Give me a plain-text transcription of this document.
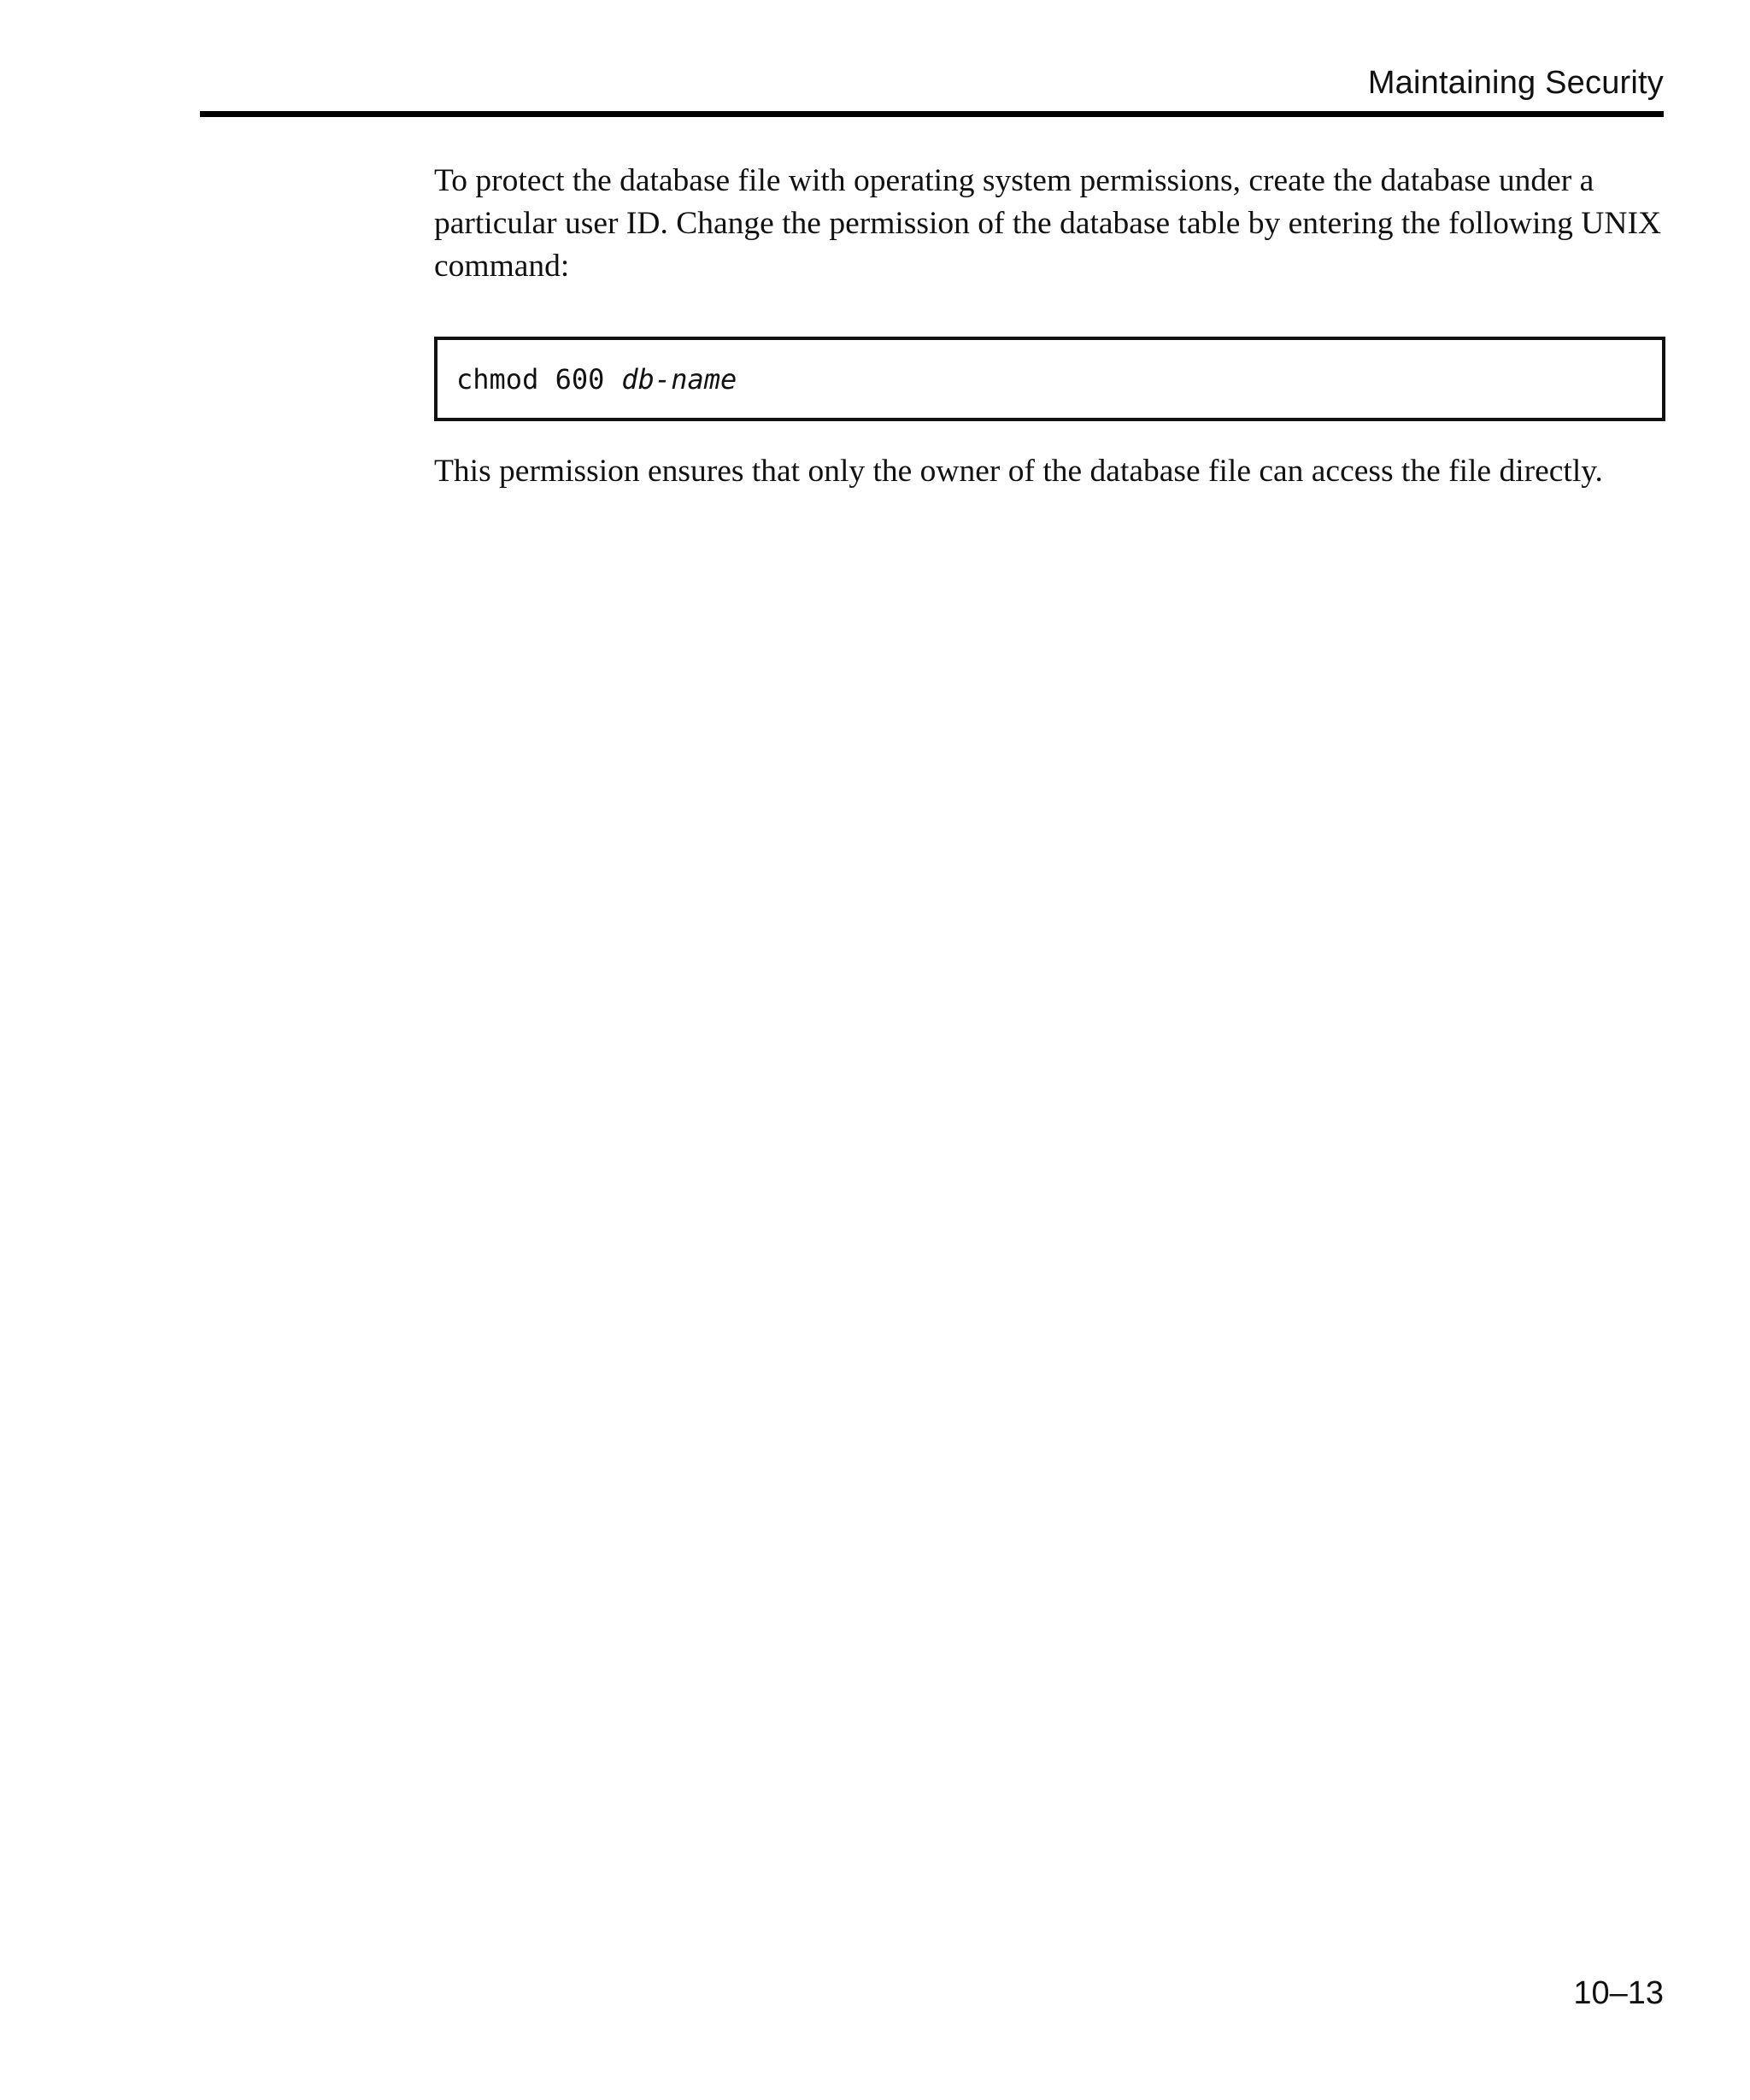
Maintaining Security

To protect the database file with operating system permissions, create the database under a particular user ID. Change the permission of the database table by entering the following UNIX command:

chmod 600 db-name

This permission ensures that only the owner of the database file can access the file directly.

10–13
